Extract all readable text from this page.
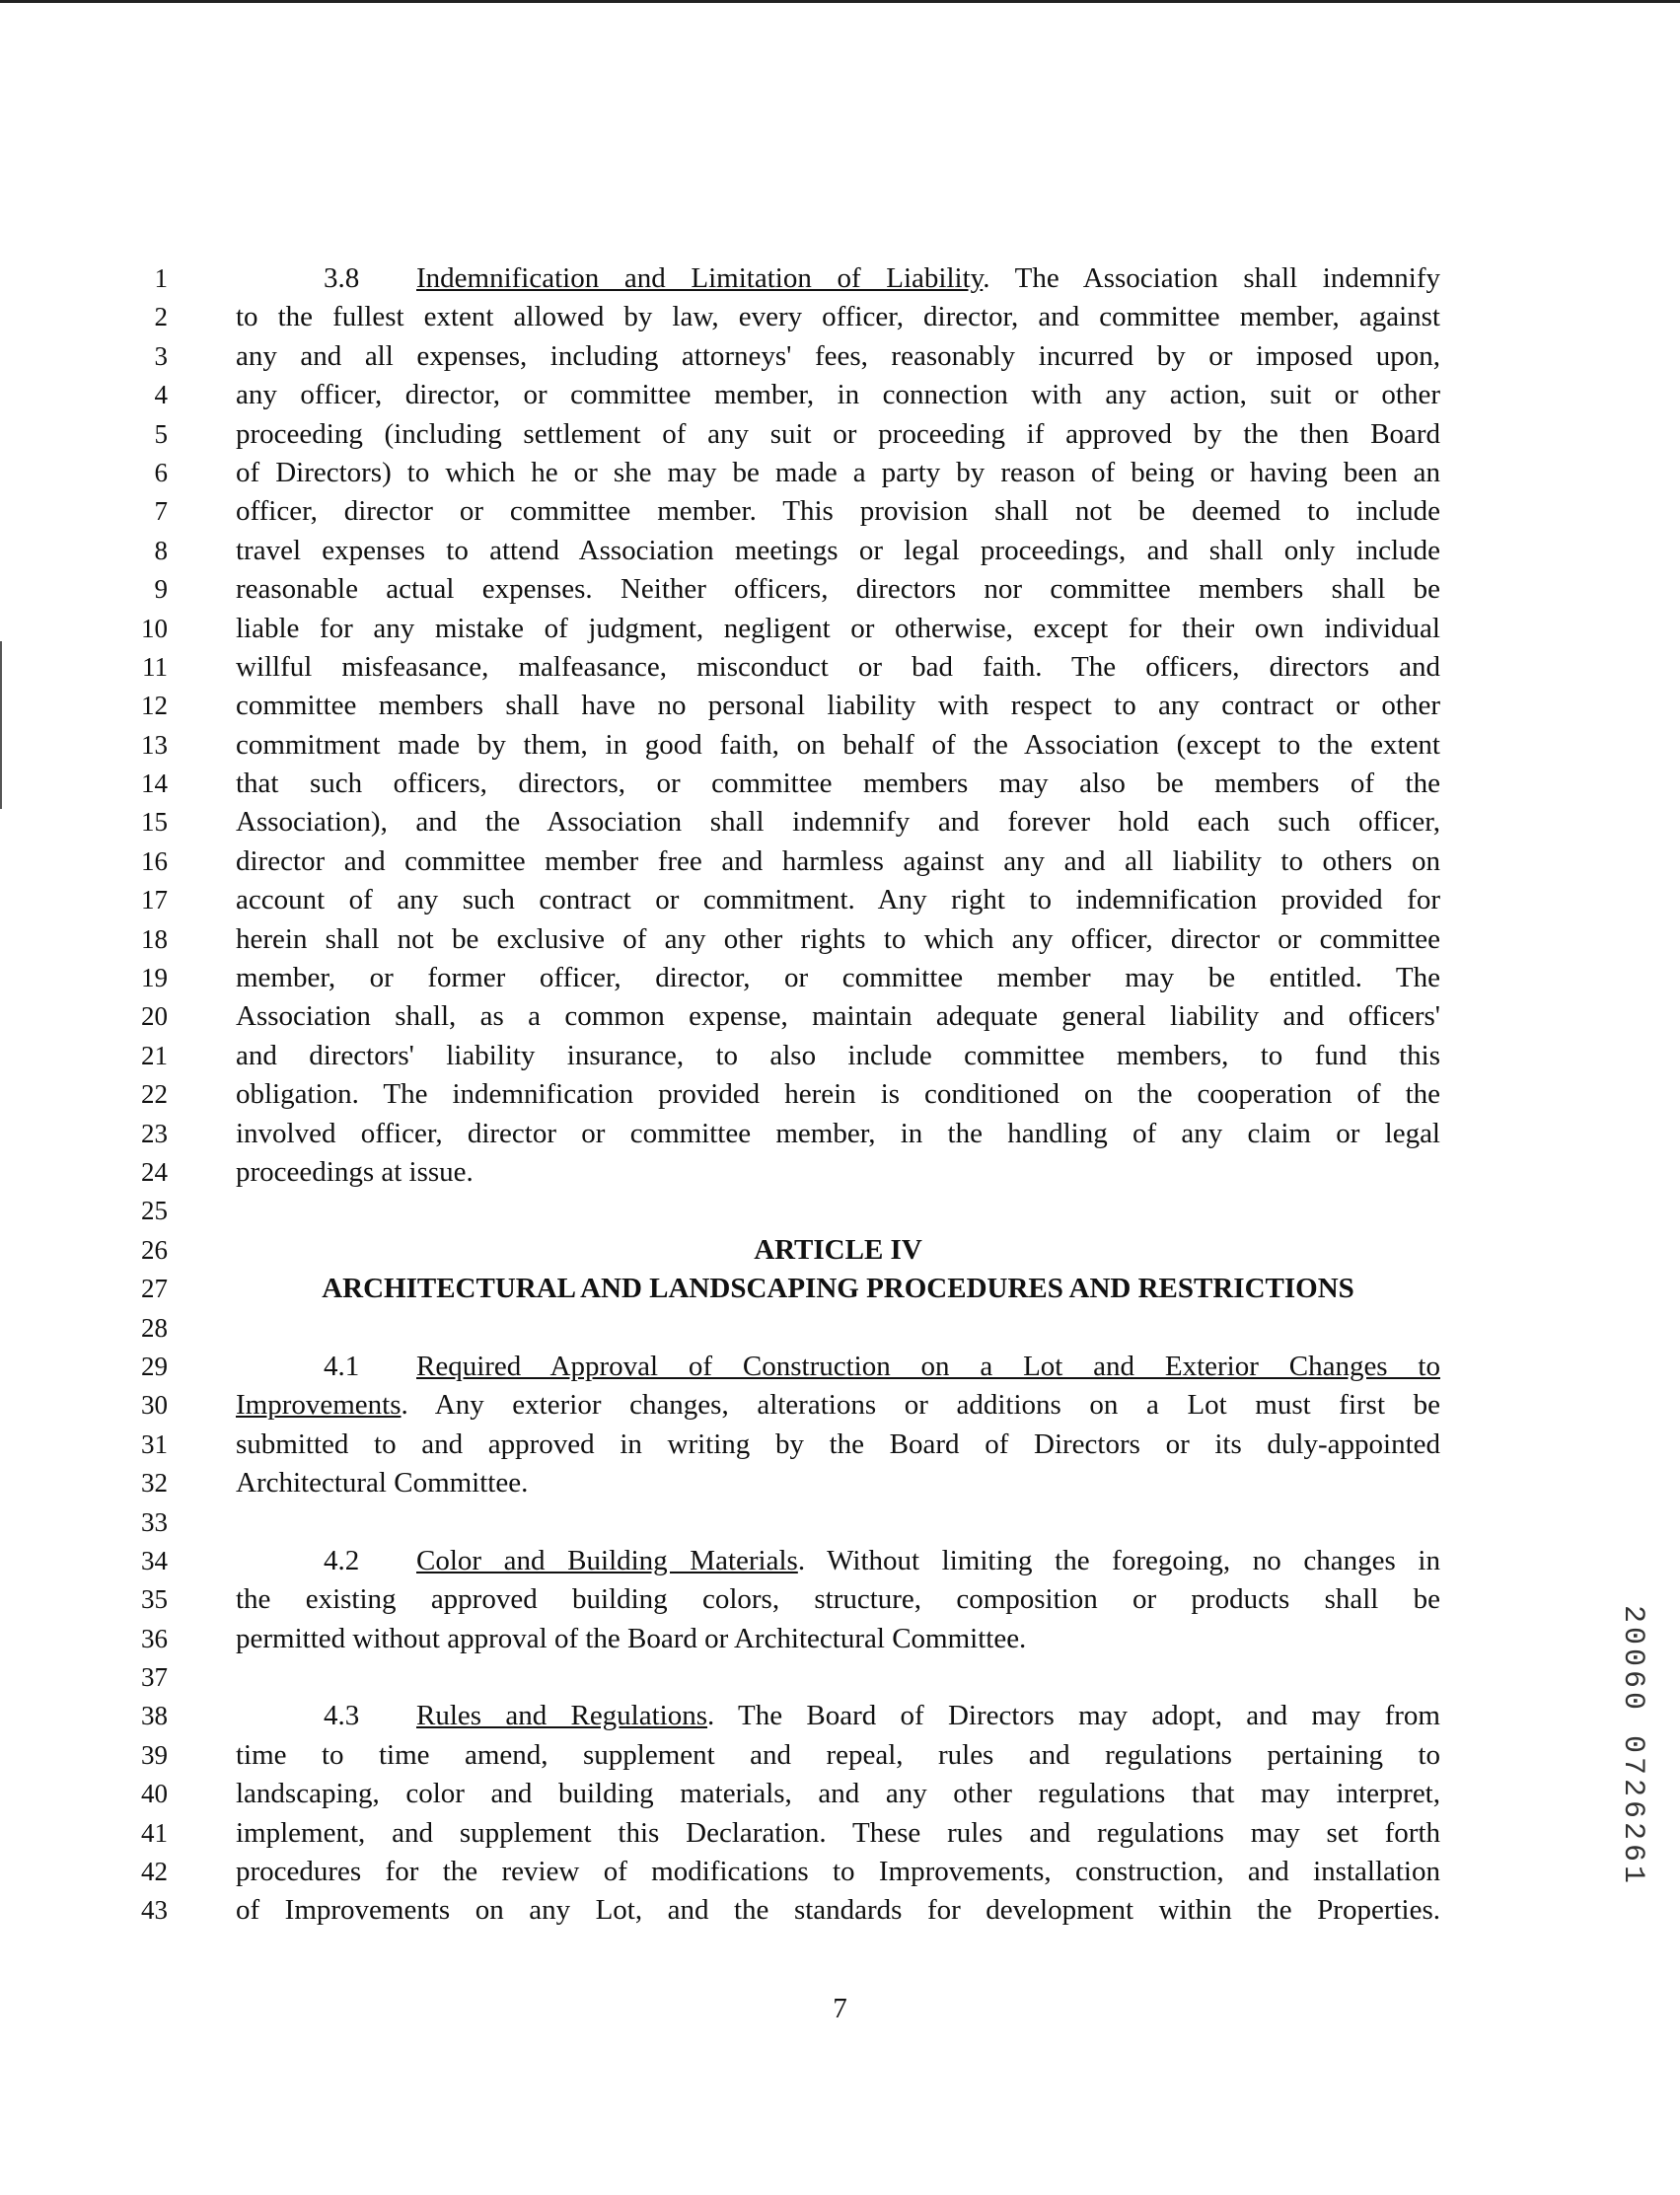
1	3.8 Indemnification and Limitation of Liability. The Association shall indemnify
2 to the fullest extent allowed by law, every officer, director, and committee member, against
3 any and all expenses, including attorneys' fees, reasonably incurred by or imposed upon,
4 any officer, director, or committee member, in connection with any action, suit or other
5 proceeding (including settlement of any suit or proceeding if approved by the then Board
6 of Directors) to which he or she may be made a party by reason of being or having been an
7 officer, director or committee member. This provision shall not be deemed to include
8 travel expenses to attend Association meetings or legal proceedings, and shall only include
9 reasonable actual expenses. Neither officers, directors nor committee members shall be
10 liable for any mistake of judgment, negligent or otherwise, except for their own individual
11 willful misfeasance, malfeasance, misconduct or bad faith. The officers, directors and
12 committee members shall have no personal liability with respect to any contract or other
13 commitment made by them, in good faith, on behalf of the Association (except to the extent
14 that such officers, directors, or committee members may also be members of the
15 Association), and the Association shall indemnify and forever hold each such officer,
16 director and committee member free and harmless against any and all liability to others on
17 account of any such contract or commitment. Any right to indemnification provided for
18 herein shall not be exclusive of any other rights to which any officer, director or committee
19 member, or former officer, director, or committee member may be entitled. The
20 Association shall, as a common expense, maintain adequate general liability and officers'
21 and directors' liability insurance, to also include committee members, to fund this
22 obligation. The indemnification provided herein is conditioned on the cooperation of the
23 involved officer, director or committee member, in the handling of any claim or legal
24 proceedings at issue.
25
26	ARTICLE IV
27	ARCHITECTURAL AND LANDSCAPING PROCEDURES AND RESTRICTIONS
28
29	4.1 Required Approval of Construction on a Lot and Exterior Changes to
30 Improvements. Any exterior changes, alterations or additions on a Lot must first be
31 submitted to and approved in writing by the Board of Directors or its duly-appointed
32 Architectural Committee.
33
34	4.2 Color and Building Materials. Without limiting the foregoing, no changes in
35 the existing approved building colors, structure, composition or products shall be
36 permitted without approval of the Board or Architectural Committee.
37
38	4.3 Rules and Regulations. The Board of Directors may adopt, and may from
39 time to time amend, supplement and repeal, rules and regulations pertaining to
40 landscaping, color and building materials, and any other regulations that may interpret,
41 implement, and supplement this Declaration. These rules and regulations may set forth
42 procedures for the review of modifications to Improvements, construction, and installation
43 of Improvements on any Lot, and the standards for development within the Properties.
7
20060 0726261
